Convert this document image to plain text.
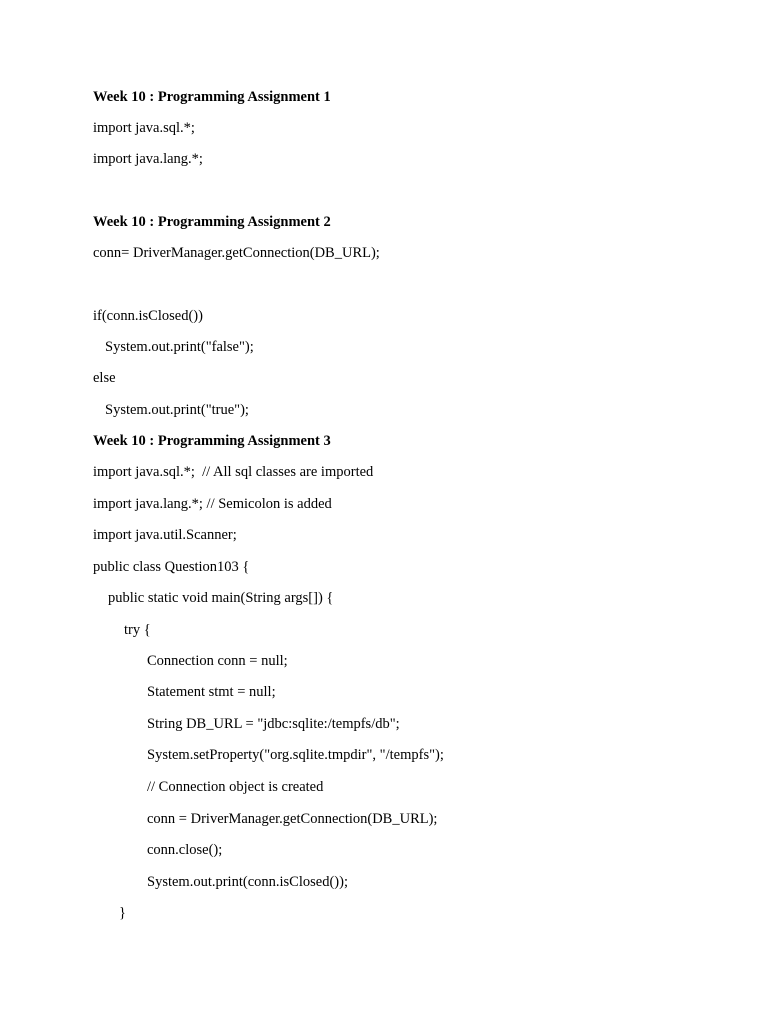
Week 10 : Programming Assignment 1

import java.sql.*;

import java.lang.*;

Week 10 : Programming Assignment 2

conn= DriverManager.getConnection(DB_URL);

if(conn.isClosed())

System.out.print("false");

else

System.out.print("true");

Week 10 : Programming Assignment 3

import java.sql.*;  // All sql classes are imported

import java.lang.*; // Semicolon is added

import java.util.Scanner;

public class Question103 {

public static void main(String args[]) {

try {

Connection conn = null;

Statement stmt = null;

String DB_URL = "jdbc:sqlite:/tempfs/db";

System.setProperty("org.sqlite.tmpdir", "/tempfs");

// Connection object is created

conn = DriverManager.getConnection(DB_URL);

conn.close();

System.out.print(conn.isClosed());

}
